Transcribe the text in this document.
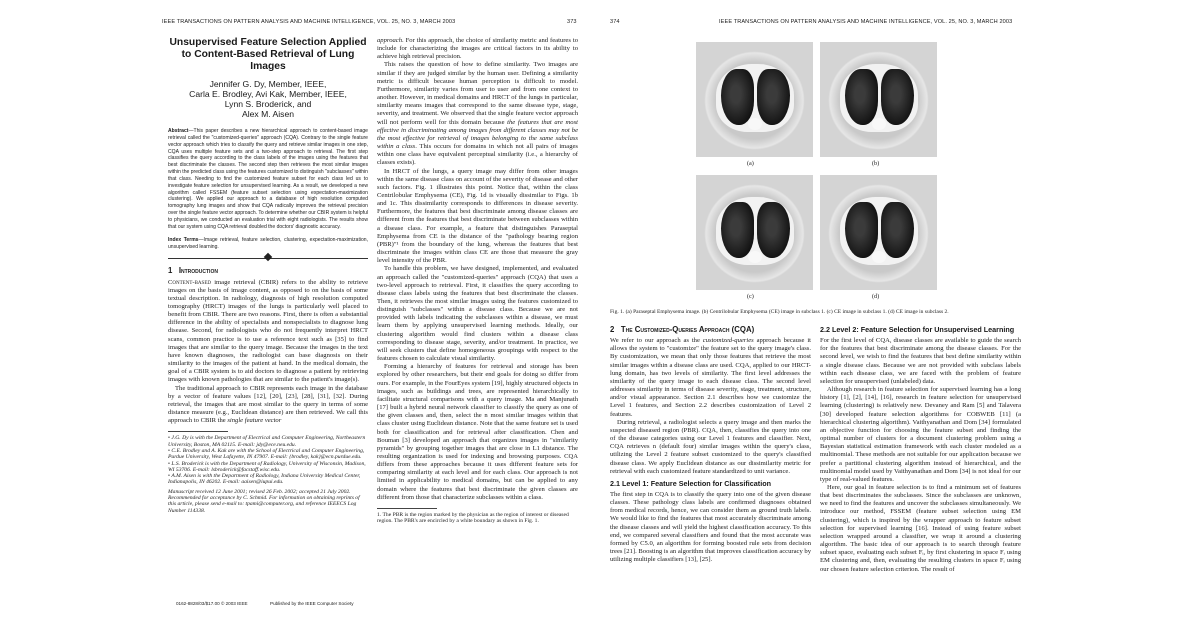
IEEE TRANSACTIONS ON PATTERN ANALYSIS AND MACHINE INTELLIGENCE, VOL. 25, NO. 3, MARCH 2003	373
Unsupervised Feature Selection Applied to Content-Based Retrieval of Lung Images
Jennifer G. Dy, Member, IEEE,
Carla E. Brodley, Avi Kak, Member, IEEE,
Lynn S. Broderick, and
Alex M. Aisen
Abstract—This paper describes a new hierarchical approach to content-based image retrieval called the "customized-queries" approach (CQA). Contrary to the single feature vector approach which tries to classify the query and retrieve similar images in one step, CQA uses multiple feature sets and a two-step approach to retrieval. The first step classifies the query according to the class labels of the images using the features that best discriminate the classes. The second step then retrieves the most similar images within the predicted class using the features customized to distinguish "subclasses" within that class. Needing to find the customized feature subset for each class led us to investigate feature selection for unsupervised learning. As a result, we developed a new algorithm called FSSEM (feature subset selection using expectation-maximization clustering). We applied our approach to a database of high resolution computed tomography lung images and show that CQA radically improves the retrieval precision over the single feature vector approach. To determine whether our CBIR system is helpful to physicians, we conducted an evaluation trial with eight radiologists. The results show that our system using CQA retrieval doubled the doctors' diagnostic accuracy.
Index Terms—Image retrieval, feature selection, clustering, expectation-maximization, unsupervised learning.
1 Introduction

Content-based image retrieval (CBIR) refers to the ability to retrieve images on the basis of image content, as opposed to on the basis of some textual description. In radiology, diagnosis of high resolution computed tomography (HRCT) images of the lungs is particularly well placed to benefit from CBIR. There are two reasons. First, there is often a substantial difference in the ability of specialists and nonspecialists to diagnose lung disease. Second, for radiologists who do not frequently interpret HRCT scans, common practice is to use a reference text such as [35] to find images that are similar to the query image. Because the images in the text have known diagnoses, the radiologist can base diagnosis on their similarity to the images of the patient at hand. In the medical domain, the goal of a CBIR system is to aid doctors to diagnose a patient by retrieving images with known pathologies that are similar to the patient's image(s).

The traditional approach to CBIR represents each image in the database by a vector of feature values [12], [20], [23], [28], [31], [32]. During retrieval, the images that are most similar to the query in terms of some distance measure (e.g., Euclidean distance) are then retrieved. We call this approach to CBIR the single feature vector

• J.G. Dy is with the Department of Electrical and Computer Engineering, Northeastern University, Boston, MA 02115. E-mail: jdy@ece.neu.edu.
• C.E. Brodley and A. Kak are with the School of Electrical and Computer Engineering, Purdue University, West Lafayette, IN 47907. E-mail: {brodley, kak}@ecn.purdue.edu.
• L.S. Broderick is with the Department of Radiology, University of Wisconsin, Madison, WI 53706. E-mail: lsbroderick@facstaff.wisc.edu.
• A.M. Aisen is with the Department of Radiology, Indiana University Medical Center, Indianapolis, IN 46202. E-mail: aaisen@iupui.edu.
Manuscript received 12 June 2001; revised 26 Feb. 2002; accepted 21 July 2002. Recommended for acceptance by C. Schmid. For information on obtaining reprints of this article, please send e-mail to: tpami@computer.org, and reference IEEECS Log Number 114338.
0162-8828/03/$17.00 © 2003 IEEE	Published by the IEEE Computer Society

approach. For this approach, the choice of similarity metric and features to include for characterizing the images are critical factors in its ability to achieve high retrieval precision.

This raises the question of how to define similarity. Two images are similar if they are judged similar by the human user. Defining a similarity metric is difficult because human perception is difficult to model. Furthermore, similarity varies from user to user and from one context to another. However, in medical domains and HRCT of the lungs in particular, similarity means images that correspond to the same disease type, stage, severity, and treatment. We observed that the single feature vector approach will not perform well for this domain because the features that are most effective in discriminating among images from different classes may not be the most effective for retrieval of images belonging to the same subclass within a class. This occurs for domains in which not all pairs of images within one class have equivalent perceptual similarity (i.e., a hierarchy of classes exists).

In HRCT of the lungs, a query image may differ from other images within the same disease class on account of the severity of disease and other such factors. Fig. 1 illustrates this point. Notice that, within the class Centrilobular Emphysema (CE), Fig. 1d is visually dissimilar to Figs. 1b and 1c. This dissimilarity corresponds to differences in disease severity. Furthermore, the features that best discriminate among disease classes are different from the features that best discriminate between subclasses within a disease class. For example, a feature that distinguishes Paraseptal Emphysema from CE is the distance of the "pathology bearing region (PBR)"¹ from the boundary of the lung, whereas the features that best discriminate the images within class CE are those that measure the gray level intensity of the PBR.

To handle this problem, we have designed, implemented, and evaluated an approach called the "customized-queries" approach (CQA) that uses a two-level approach to retrieval. First, it classifies the query according to disease class labels using the features that best discriminate the classes. Then, it retrieves the most similar images using the features customized to distinguish "subclasses" within a disease class. Because we are not provided with labels indicating the subclasses within a disease, we must learn them by applying unsupervised learning methods. Ideally, our clustering algorithm would find clusters within a disease class corresponding to disease stage, severity, and/or treatment. In practice, we will seek clusters that define homogeneous groupings with respect to the features chosen to calculate visual similarity.

Forming a hierarchy of features for retrieval and storage has been explored by other researchers, but their end goals for doing so differ from ours. For example, in the FourEyes system [19], highly structured objects in images, such as buildings and trees, are represented hierarchically to facilitate structural comparisons with a query image. Ma and Manjunath [17] built a hybrid neural network classifier to classify the query as one of the given classes and, then, select the n most similar images within that class cluster using Euclidean distance. Note that the same feature set is used both for classification and for retrieval after classification. Chen and Bouman [3] developed an approach that organizes images in "similarity pyramids" by grouping together images that are close in L1 distance. The resulting organization is used for indexing and browsing purposes. CQA differs from these approaches because it uses different feature sets for comparing similarity at each level and for each class. Our approach is not limited in applicability to medical domains, but can be applied to any domain where the features that best discriminate the given classes are different from those that characterize subclasses within a class.

1. The PBR is the region marked by the physician as the region of interest or diseased region. The PBR's are encircled by a white boundary as shown in Fig. 1.
374	IEEE TRANSACTIONS ON PATTERN ANALYSIS AND MACHINE INTELLIGENCE, VOL. 25, NO. 3, MARCH 2003
(a)	(b)
(c)	(d)
Fig. 1. (a) Paraseptal Emphysema image. (b) Centrilobular Emphysema (CE) image in subclass 1. (c) CE image in subclass 1. (d) CE image in subclass 2.
2 The Customized-Queries Approach (CQA)

We refer to our approach as the customized-queries approach because it allows the system to "customize" the feature set to the query image's class. By customization, we mean that only those features that retrieve the most similar images within a disease class are used. CQA, applied to our HRCT-lung domain, has two levels of similarity. The first level addresses the similarity of the query image to each disease class. The second level addresses similarity in terms of disease severity, stage, treatment, structure, and/or visual appearance. Section 2.1 describes how we customize the Level 1 features, and Section 2.2 describes customization of Level 2 features.

During retrieval, a radiologist selects a query image and then marks the suspected diseased region (PBR). CQA, then, classifies the query into one of the disease categories using our Level 1 features and classifier. Next, CQA retrieves n (default four) similar images within the query's class, utilizing the Level 2 feature subset customized to the query's classified disease class. We apply Euclidean distance as our dissimilarity metric for retrieval with each customized feature standardized to unit variance.

2.1 Level 1: Feature Selection for Classification

The first step in CQA is to classify the query into one of the given disease classes. These pathology class labels are confirmed diagnoses obtained from medical records, hence, we can consider them as ground truth labels. We would like to find the features that most accurately discriminate among the disease classes and will yield the highest classification accuracy. To this end, we compared several classifiers and found that the most accurate was formed by C5.0, an algorithm for forming boosted rule sets from decision trees [21]. Boosting is an algorithm that improves classification accuracy by utilizing multiple classifiers [13], [25].

2.2 Level 2: Feature Selection for Unsupervised Learning

For the first level of CQA, disease classes are available to guide the search for the features that best discriminate among the disease classes. For the second level, we wish to find the features that best define similarity within a single disease class. Because we are not provided with subclass labels within each disease class, we are faced with the problem of feature selection for unsupervised (unlabeled) data.

Although research in feature selection for supervised learning has a long history [1], [2], [14], [16], research in feature selection for unsupervised learning (clustering) is relatively new. Devaney and Ram [5] and Talavera [30] developed feature selection algorithms for COBWEB [11] (a hierarchical clustering algorithm). Vaithyanathan and Dom [34] formulated an objective function for choosing the feature subset and finding the optimal number of clusters for a document clustering problem using a Bayesian statistical estimation framework with each cluster modeled as a multinomial. These methods are not suitable for our application because we prefer a partitional clustering algorithm instead of hierarchical, and the multinomial model used by Vaithyanathan and Dom [34] is not ideal for our type of real-valued features.

Here, our goal in feature selection is to find a minimum set of features that best discriminates the subclasses. Since the subclasses are unknown, we need to find the features and uncover the subclasses simultaneously. We introduce our method, FSSEM (feature subset selection using EM clustering), which is inspired by the wrapper approach to feature subset selection for supervised learning [16]. Instead of using feature subset selection wrapped around a classifier, we wrap it around a clustering algorithm. The basic idea of our approach is to search through feature subset space, evaluating each subset Fᵢ, by first clustering in space Fᵢ using EM clustering and, then, evaluating the resulting clusters in space Fᵢ using our chosen feature selection criterion. The result of
